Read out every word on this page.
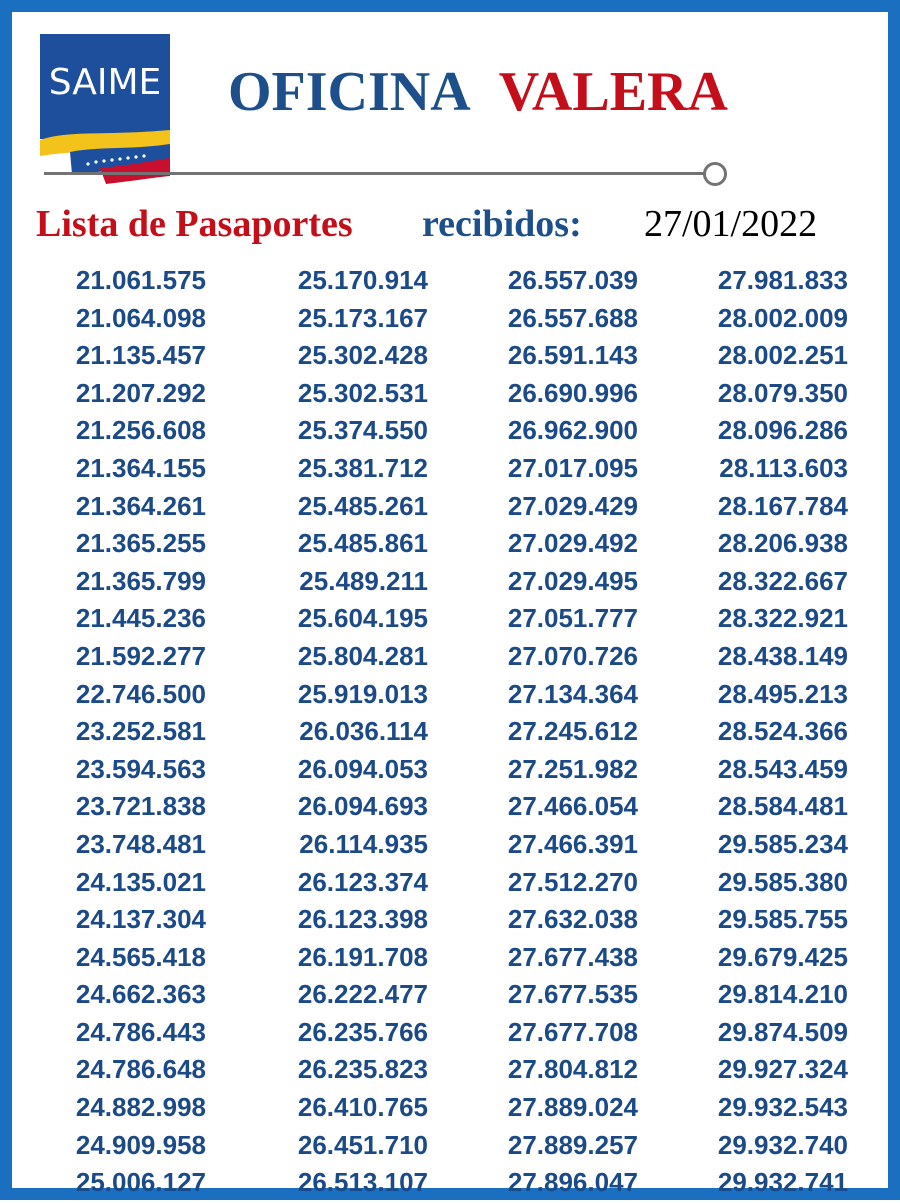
SAIME OFICINA VALERA
Lista de Pasaportes recibidos: 27/01/2022
21.061.575
21.064.098
21.135.457
21.207.292
21.256.608
21.364.155
21.364.261
21.365.255
21.365.799
21.445.236
21.592.277
22.746.500
23.252.581
23.594.563
23.721.838
23.748.481
24.135.021
24.137.304
24.565.418
24.662.363
24.786.443
24.786.648
24.882.998
24.909.958
25.006.127
25.170.914
25.173.167
25.302.428
25.302.531
25.374.550
25.381.712
25.485.261
25.485.861
25.489.211
25.604.195
25.804.281
25.919.013
26.036.114
26.094.053
26.094.693
26.114.935
26.123.374
26.123.398
26.191.708
26.222.477
26.235.766
26.235.823
26.410.765
26.451.710
26.513.107
26.557.039
26.557.688
26.591.143
26.690.996
26.962.900
27.017.095
27.029.429
27.029.492
27.029.495
27.051.777
27.070.726
27.134.364
27.245.612
27.251.982
27.466.054
27.466.391
27.512.270
27.632.038
27.677.438
27.677.535
27.677.708
27.804.812
27.889.024
27.889.257
27.896.047
27.981.833
28.002.009
28.002.251
28.079.350
28.096.286
28.113.603
28.167.784
28.206.938
28.322.667
28.322.921
28.438.149
28.495.213
28.524.366
28.543.459
28.584.481
29.585.234
29.585.380
29.585.755
29.679.425
29.814.210
29.874.509
29.927.324
29.932.543
29.932.740
29.932.741
